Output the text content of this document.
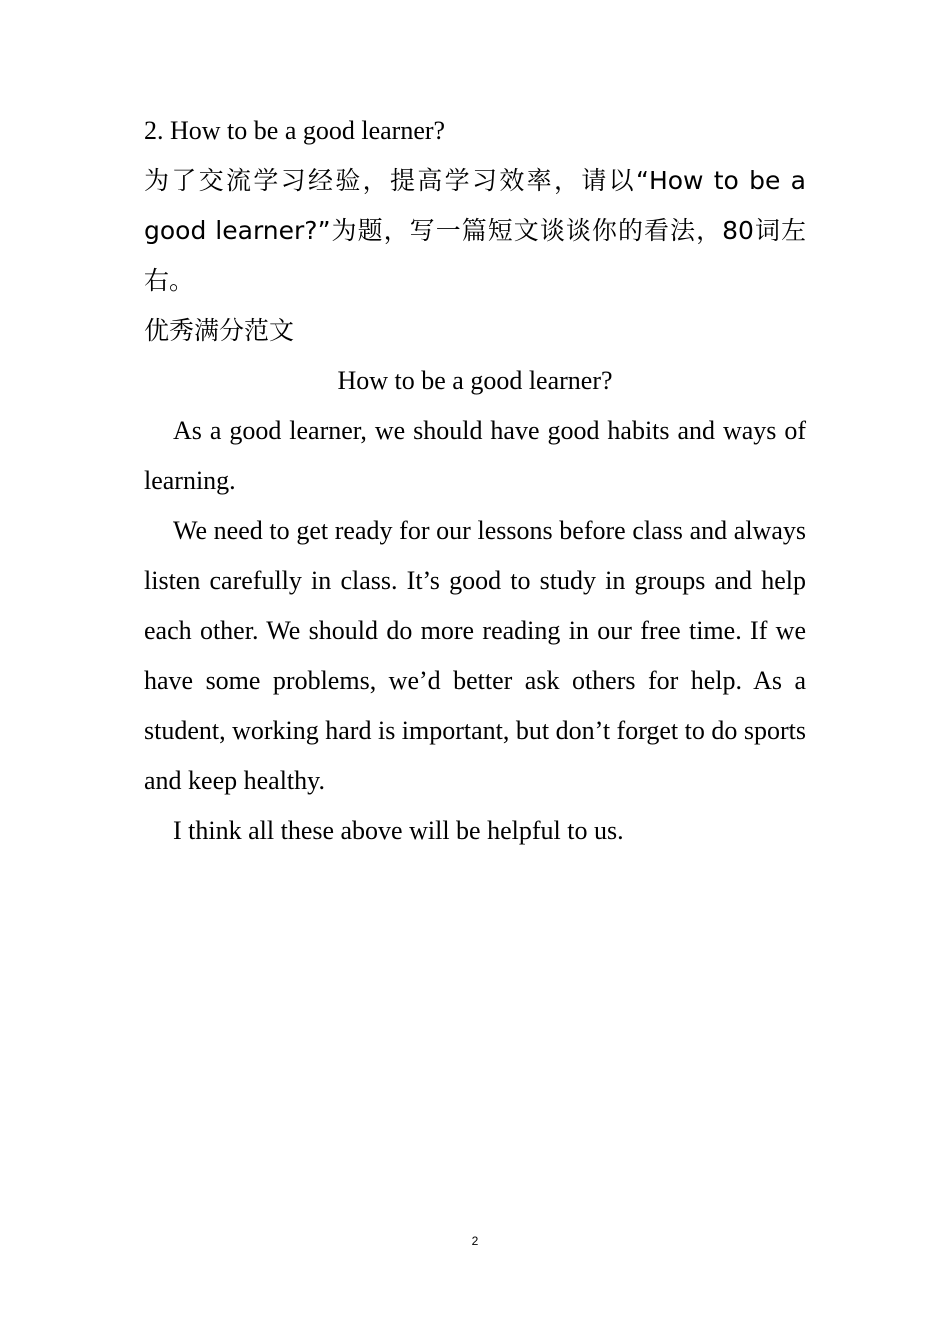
2. How to be a good learner?

为了交流学习经验，提高学习效率，请以“How to be a good learner?”为题，写一篇短文谈谈你的看法，80词左右。

优秀满分范文

How to be a good learner?

As a good learner, we should have good habits and ways of learning.

We need to get ready for our lessons before class and always listen carefully in class. It’s good to study in groups and help each other. We should do more reading in our free time. If we have some problems, we’d better ask others for help. As a student, working hard is important, but don’t forget to do sports and keep healthy.

I think all these above will be helpful to us.

2
